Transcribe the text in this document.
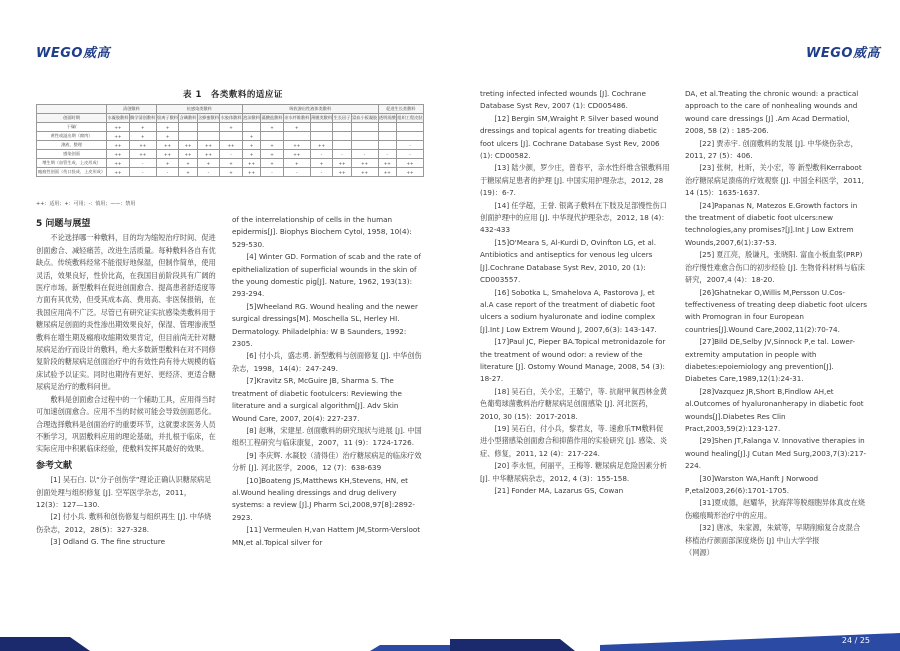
WEGO威高	WEGO威高
表 1　各类敷料的适应证
	清创敷料		抗感染类敷料				吸收渗出性液体类敷料						促进生长类敷料	
创面时期	水凝胶敷料	酶学清创敷料	银离子敷料	含碘敷料	含蜂蜜敷料	水胶体敷料	泡沫敷料	藻酸盐敷料	亲水纤维敷料	薄膜类敷料	生长因子	富血小板凝胶	透明质酸	组织工程皮肤
干燥/	++	+	+			+		+	+					
黄性或溢出期（腐肉）	++	+	+				+							
渗液、整理	++	++	++	++	++	++	+	+	++	++				-
感染创面	++	++	++	++	++	-	+	+	++	-	-	-	-	-
增生期（血管生成、上皮形成）	++	-	+	+	+	+	++	+	+	+	++	++	++	++
瘢痕性创面（伤口投成、上皮形成）	++	-	-	+	-	+	++	-	-	-	++	++	++	++
++：适用；+：可用；-：慎用；——：禁用
5 问题与展望

　　不论选择哪一种敷料，目的均为缩短治疗时间、促进创面愈合、减轻痛苦，改进生活质量。每种敷料各自有优缺点。传统敷料经常不能很好地保湿，但制作简单，使用灵活，效果良好，性价比高，在我国目前阶段具有广阔的医疗市场。新型敷料在促进创面愈合、提高患者舒适度等方面有其优势，但受其成本高、费用高、非医保报销，在我国应用尚不广泛。尽管已有研究证实抗感染类敷料用于糖尿病足创面的炎性渗出期效果良好，保湿、管理渗液型敷料在增生期及瘢痕收缩期效果肯定，但目前尚无针对糖尿病足治疗而设计的敷料，绝大多数新型敷料在对不同修复阶段的糖尿病足创面治疗中的有效性尚有待大规模的临床试验予以证实。同时也期待有更好、更经济、更适合糖尿病足治疗的敷料问世。

　　敷料是创面愈合过程中的一个辅助工具，应用得当时可加速创面愈合。应用不当的时候可能会导致创面恶化。合理选择敷料是创面治疗的重要环节，这就要求医务人员不断学习，巩固敷料应用的理论基础，并扎根于临床，在实际应用中积累临床经验，使敷料发挥其最好的效果。

参考文献

　　[1] 吴石白. 以“分子创伤学”理论正确认识糖尿病足创面处理与组织修复 [J]. 空军医学杂志，2011，12(3)：127—130.

　　[2] 付小兵. 敷料和创伤修复与组织再生 [J]. 中华烧伤杂志，2012，28(5)：327-328.

　　[3] Odland G. The fine structure

of the interrelationship of cells in the human epidermis[J]. Biophys Biochem Cytol, 1958, 10(4): 529-530.

　　[4] Winter GD. Formation of scab and the rate of epithelialization of superficial wounds in the skin of the young domestic pig[J]. Nature, 1962, 193(13): 293-294.

　　[5]Wheeland RG. Wound healing and the newer surgical dressings[M]. Moschella SL, Herley HI. Dermatology. Philadelphia: W B Saunders, 1992: 2305.

　　[6] 付小兵，盛志勇. 新型敷料与创面修复 [J]. 中华创伤杂志，1998，14(4)：247-249.

　　[7]Kravitz SR, McGuire JB, Sharma S. The treatment of diabetic footulcers: Reviewing the literature and a surgical algorithm[J]. Adv Skin Wound Care, 2007, 20(4): 227-237.

　　[8] 赵琳，宋建星. 创面敷料的研究现状与进展 [J]. 中国组织工程研究与临床康复，2007，11 (9)：1724-1726.

　　[9] 李庆辉. 水凝胶（清得佳）治疗糖尿病足的临床疗效分析 [J]. 河北医学，2006，12 (7)：638-639

　　[10]Boateng JS,Matthews KH,Stevens, HN, et al.Wound healing dressings and drug delivery systems: a review [J].J Pharm Sci,2008,97[8]:2892- 2923.

　　[11] Vermeulen H,van Hattem JM,Storm-Versloot MN,et al.Topical silver for

treting infected infected wounds [J]. Cochrane Database Syst Rev, 2007 (1): CD005486.

　　[12] Bergin SM,Wraight P. Silver based wound dressings and topical agents for treating diabetic foot ulcers [J]. Cochrane Database Syst Rev, 2006 (1): CD00582.

　　[13] 陆少颜，罗少庄，曾春平，亲水性纤维含银敷料用于糖尿病足患者的护理 [J]. 中国实用护理杂志，2012, 28 (19)：6-7.

　　[14] 任学超，王誉. 银离子敷料在下肢及足部慢性伤口创面护理中的应用 [J]. 中华现代护理杂志，2012, 18 (4)：432-433

　　[15]O'Meara S, Al-Kurdi D, Ovinfton LG, et al. Antibiotics and antiseptics for venous leg ulcers [J].Cochrane Database Syst Rev, 2010, 20 (1): CD003557.

　　[16] Sobotka L, Smahelova A, Pastorova J, et al.A case report of the treatment of diabetic foot ulcers a sodium hyaluronate and iodine complex [J].Int J Low Extrem Wound J, 2007,6(3): 143-147.

　　[17]Paul JC, Pieper BA.Topical metronidazole for the treatment of wound odor: a review of the literature [J]. Ostomy Wound Manage, 2008, 54 (3): 18-27.

　　[18] 吴石白，关小宏，王璐宁，等. 抗耐甲氧西林金黄色葡萄球菌敷料治疗糖尿病足创面感染 [J]. 河北医药，2010, 30 (15)：2017-2018.

　　[19] 吴石白，付小兵，黎君友，等. 速愈乐TM敷料促进小型猪感染创面愈合和抑菌作用的实验研究 [J]. 感染、炎症、修复，2011, 12 (4)：217-224.

　　[20] 李永恒，何丽平，王梅等. 糖尿病足危险因素分析 [J]. 中华糖尿病杂志，2012, 4 (3)：155-158.

　　[21] Fonder MA, Lazarus GS, Cowan

DA, et al.Treating the chronic wound: a practical approach to the care of nonhealing wounds and wound care dressings [J] .Am Acad Dermatiol, 2008, 58 (2) : 185-206.

　　[22] 贾赤宇. 创面敷料的发展 [J]. 中华烧伤杂志，2011, 27 (5)：406.

　　[23] 张树，杜昕，关小宏，等 新型敷料Kerraboot 治疗糖尿病足溃疡的疗效观察 [J]. 中国全科医学，2011, 14 (15)：1635-1637.

　　[24]Papanas N, Matezos E.Growth factors in the treatment of diabetic foot ulcers:new technologies,any promises?[J].Int J Low Extrem Wounds,2007,6(1):37-53.

　　[25] 夏江亮，殷谦凡，张晓阳. 富血小板血浆(PRP)治疗慢性难愈合伤口的初步经验 [J]. 生物骨科材料与临床研究，2007,4 (4)：18-20.

　　[26]Ghatnekar O,Willis M,Persson U.Cos-teffectiveness of treating deep diabetic foot ulcers with Promogran in four European countries[J].Wound Care,2002,11(2):70-74.

　　[27]Bild DE,Selby JV,Sinnock P,e tal. Lower-extremity amputation in people with diabetes:epoiemiology ang prevention[J]. Diabetes Care,1989,12(1):24-31.

　　[28]Vazquez JR,Short B,Findlow AH,et al.Outcomes of hyaluronanherapy in diabetic foot wounds[J].Diabetes Res Clin Pract,2003,59(2):123-127.

　　[29]Shen JT,Falanga V. Innovative therapies in wound healing[J].J Cutan Med Surg,2003,7(3):217-224.

　　[30]Warston WA,Hanft J Norwood P,etal2003,26(6):1701-1705.

　　[31]夏成德，赵耀华，狄海萍等脱细胞异体真皮在烧伤瘢痕畸形治疗中的应用。

　　[32] 唐冰，朱家源，朱斌等，早期削痂复合皮混合移植治疗颜面部深度烧伤 [J] 中山大学学报　　　　　　　（网源）

24 / 25
